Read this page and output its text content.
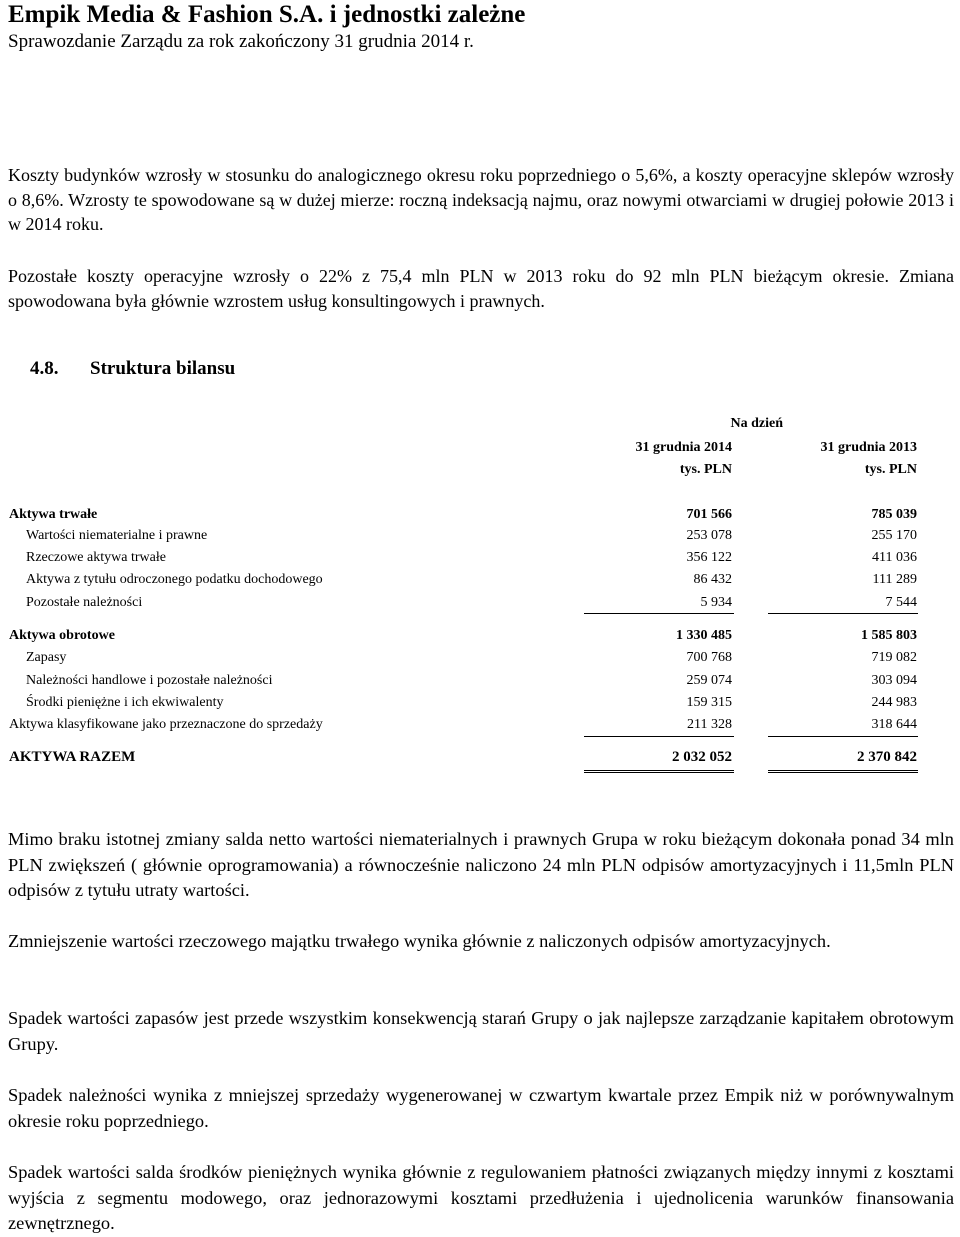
Empik Media & Fashion S.A. i jednostki zależne
Sprawozdanie Zarządu za rok zakończony 31 grudnia 2014 r.

Koszty budynków wzrosły w stosunku do analogicznego okresu roku poprzedniego o 5,6%, a koszty operacyjne sklepów wzrosły o 8,6%. Wzrosty te spowodowane są w dużej mierze: roczną indeksacją najmu, oraz nowymi otwarciami w drugiej połowie 2013 i w 2014 roku.

Pozostałe koszty operacyjne wzrosły o 22% z 75,4 mln PLN w 2013 roku do 92 mln PLN bieżącym okresie. Zmiana spowodowana była głównie wzrostem usług konsultingowych i prawnych.

4.8. Struktura bilansu
Na dzień
31 grudnia 2014	31 grudnia 2013
tys. PLN	tys. PLN
Aktywa trwałe	701 566	785 039
Wartości niematerialne i prawne	253 078	255 170
Rzeczowe aktywa trwałe	356 122	411 036
Aktywa z tytułu odroczonego podatku dochodowego	86 432	111 289
Pozostałe należności	5 934	7 544
Aktywa obrotowe	1 330 485	1 585 803
Zapasy	700 768	719 082
Należności handlowe i pozostałe należności	259 074	303 094
Środki pieniężne i ich ekwiwalenty	159 315	244 983
Aktywa klasyfikowane jako przeznaczone do sprzedaży	211 328	318 644
AKTYWA RAZEM	2 032 052	2 370 842

Mimo braku istotnej zmiany salda netto wartości niematerialnych i prawnych Grupa w roku bieżącym dokonała ponad 34 mln PLN zwiększeń ( głównie oprogramowania) a równocześnie naliczono 24 mln PLN odpisów amortyzacyjnych i 11,5mln PLN odpisów z tytułu utraty wartości.

Zmniejszenie wartości rzeczowego majątku trwałego wynika głównie z naliczonych odpisów amortyzacyjnych.

Spadek wartości zapasów jest przede wszystkim konsekwencją starań Grupy o jak najlepsze zarządzanie kapitałem obrotowym Grupy.

Spadek należności wynika z mniejszej sprzedaży wygenerowanej w czwartym kwartale przez Empik niż w porównywalnym okresie roku poprzedniego.

Spadek wartości salda środków pieniężnych wynika głównie z regulowaniem płatności związanych między innymi z kosztami wyjścia z segmentu modowego, oraz jednorazowymi kosztami przedłużenia i ujednolicenia warunków finansowania zewnętrznego.
